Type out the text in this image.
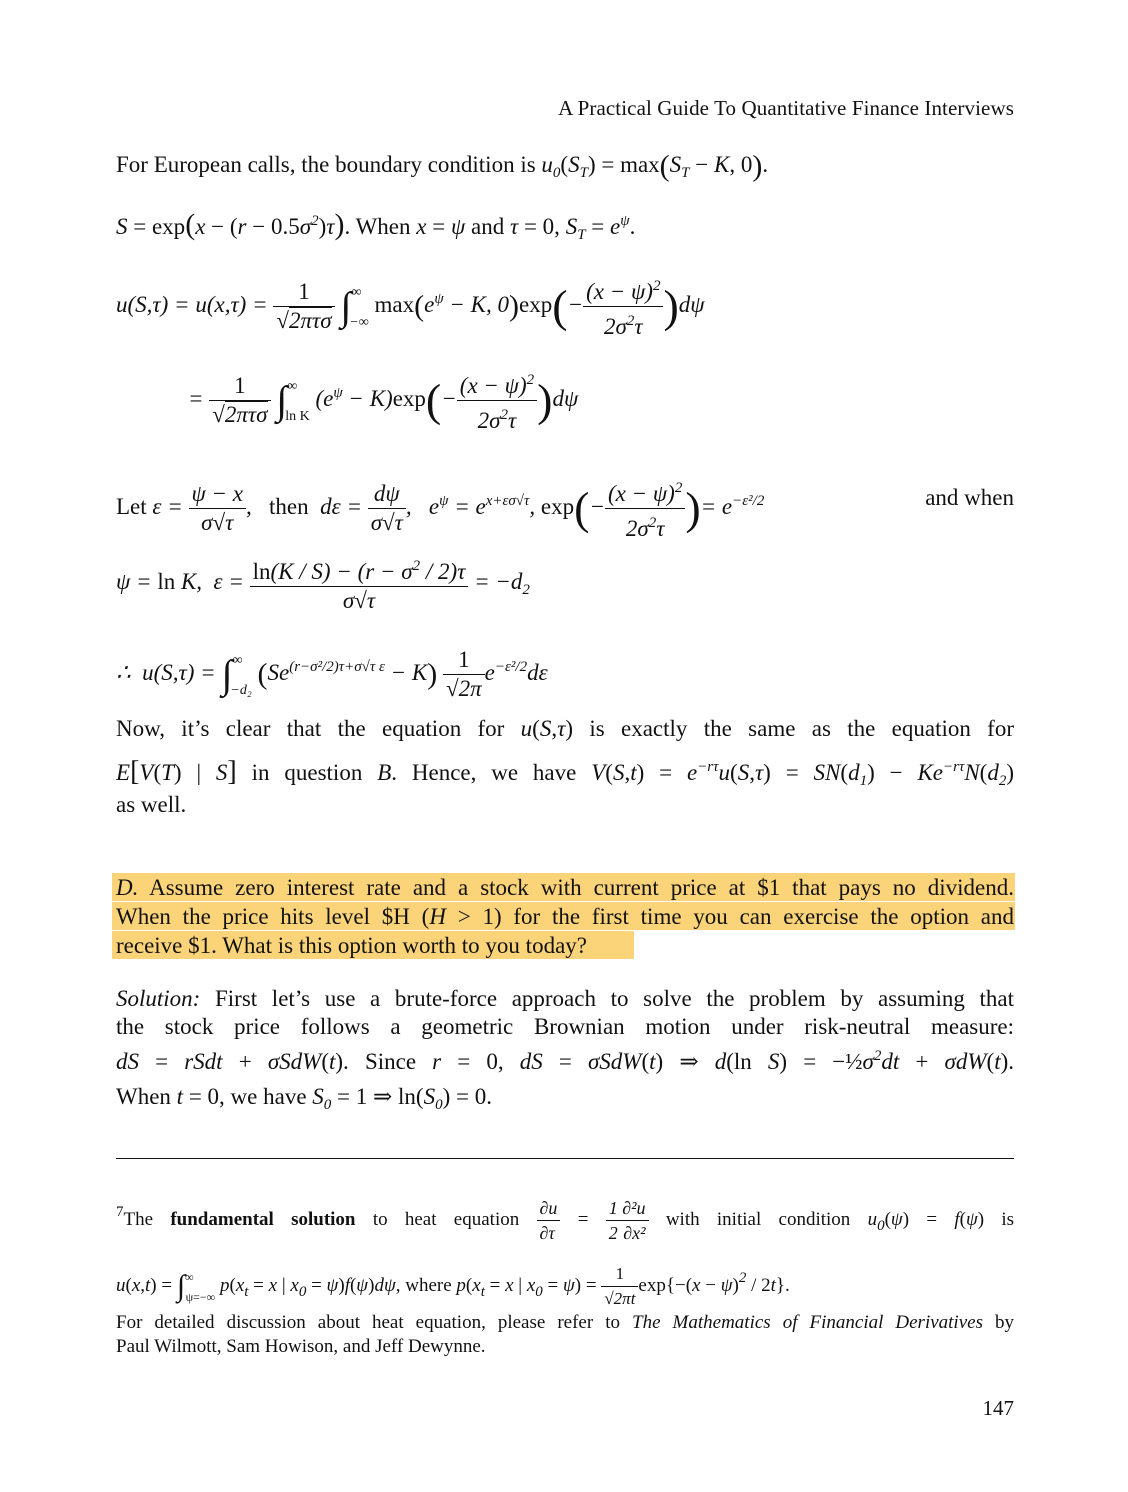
A Practical Guide To Quantitative Finance Interviews
For European calls, the boundary condition is $u_0(S_T) = \max(S_T - K$, 0).
$S = \exp(x - (r - 0.5\sigma^2)\tau)$. When x = ψ and τ = 0, $S_T = e^\psi$.
$u(S,\tau) = u(x,\tau) = \frac{1}{\text{√2πτσ}} \int^\infty_{-\infty}$ $\max(e^\psi - K$, $0)\exp(- \frac{(x - \psi)^2}{2\sigma^2\tau} )d\psi$
= $\frac{1}{\text{√2πτσ}} \int^\infty_{ln K}$ $(e^\psi - K)\exp(- \frac{(x - \psi)^2}{2\sigma^2\tau} )d\psi$
Let $\varepsilon = \frac{\psi - x}{\sigma√\tau}$ ,   then  $d\varepsilon = \frac{d\psi}{\sigma√\tau}$ ,   $e^\psi = e^{x+\varepsilon\sigma√\tau}$, $\exp(- \frac{(x - \psi)^2}{2\sigma^2\tau}$ )= $e^{-\varepsilon^2/2}$	and when
ψ = ln K,  $\varepsilon = \frac{\ln(K / S) - (r - \sigma^2 / 2)\tau}{\sigma√\tau} = -d_2$
∴  $u(S,\tau) = \int^\infty_{-d_2}$ $(Se^{(r-\sigma^2/2)\tau+\sigma√\tau \varepsilon} - K) \frac{1}{√2\pi} e^{-\varepsilon^2/2}d\varepsilon$
Now, it’s clear that the equation for u(S,τ) is exactly the same as the equation for
E[V(T) | S] in question B. Hence, we have $V(S,t) = e^{-r\tau}u(S,\tau) = SN(d_1) - Ke^{-r\tau}N(d_2)$
as well.
D. Assume zero interest rate and a stock with current price at $1 that pays no dividend.
When the price hits level $H (H > 1) for the first time you can exercise the option and
receive $1. What is this option worth to you today?
Solution: First let’s use a brute-force approach to solve the problem by assuming that
the stock price follows a geometric Brownian motion under risk-neutral measure:
dS = rSdt + σSdW(t). Since r = 0, dS = σSdW(t) ⇒ d(ln $S) = -\frac{1}{2}\sigma^2dt + \sigma dW(t)$.
When t = 0, we have $S_0 = 1$ ⇒ $\ln(S_0) = 0$.
$^7$The fundamental solution to heat equation $\frac{\partial u}{\partial\tau} = \frac{\text{1 ∂²u}}{\text{2 ∂x²}}$ with initial condition $u_0(\psi) = f(\psi)$ is
$u(x,t) = \int^\infty_{\psi=-\infty}$ $p(x_t = x$ | $x_0 = \psi)f(\psi)d\psi$, where $p(x_t = x$ | $x_0 = \psi) = \frac{1}{√2\pi t} \exp\{-(x - \psi)^2 / 2t\}$.
For detailed discussion about heat equation, please refer to The Mathematics of Financial Derivatives by
Paul Wilmott, Sam Howison, and Jeff Dewynne.
147
